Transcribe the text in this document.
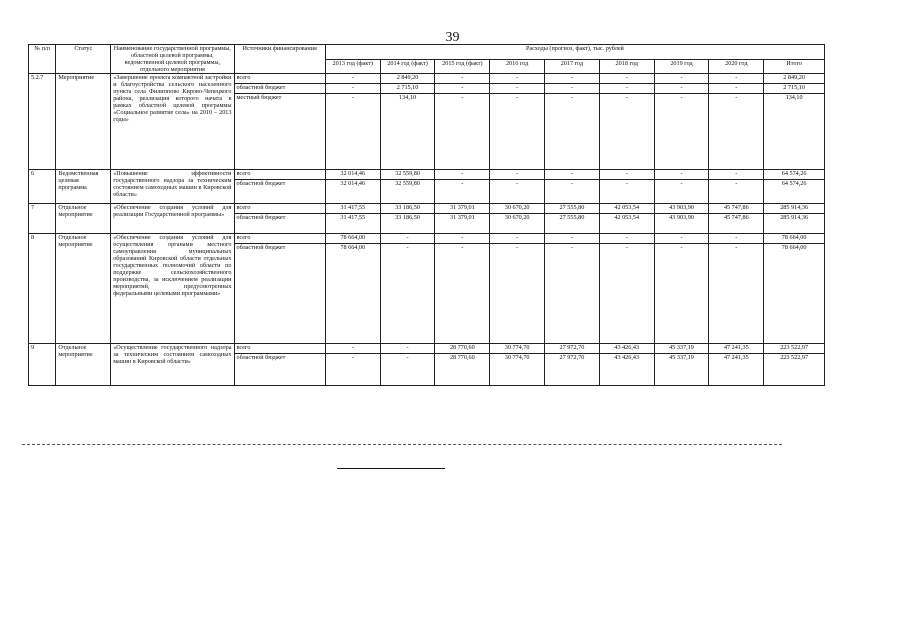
39
№ п/п	Статус	Наименование государственной программы, областной целевой программы, ведомственной целевой программы, отдельного мероприятия	Источники финансирования	Расходы (прогноз, факт), тыс. рублей								
				2013 год (факт)	2014 год (факт)	2015 год (факт)	2016 год	2017 год	2018 год	2019 год	2020 год	Итого
5.2.7	Мероприятие	«Завершение проекта компактной застройки и благоустройства сельского населенного пункта села Филиппово Кирово-Чепецкого района, реализация которого начата в рамках областной целевой программы «Социальное развитие села» на 2010 – 2013 годы»	всего	-	2 849,20	-	-	-	-	-	-	2 849,20
			областной бюджет	-	2 715,10	-	-	-	-	-	-	2 715,10
			местный бюджет	-	134,10	-	-	-	-	-	-	134,10
6	Ведомственная целевая программа	«Повышение эффективности государственного надзора за техническим состоянием самоходных машин в Кировской области»	всего	32 014,46	32 559,80	-	-	-	-	-	-	64 574,26
			областной бюджет	32 014,46	32 559,80	-	-	-	-	-	-	64 574,26
7	Отдельное мероприятие	«Обеспечение создания условий для реализации Государственной программы»	всего	31 417,55	33 186,50	31 379,01	30 670,20	27 555,80	42 053,54	43 903,90	45 747,86	285 914,36
			областной бюджет	31 417,55	33 186,50	31 379,01	30 670,20	27 555,80	42 053,54	43 903,90	45 747,86	285 914,36
8	Отдельное мероприятие	«Обеспечение создания условий для осуществления органами местного самоуправления муниципальных образований Кировской области отдельных государственных полномочий области по поддержке сельскохозяйственного производства, за исключением реализации мероприятий, предусмотренных федеральными целевыми программами»	всего	78 664,00	-	-	-	-	-	-	-	78 664,00
			областной бюджет	78 664,00	-	-	-	-	-	-	-	78 664,00
9	Отдельное мероприятие	«Осуществление государственного надзора за техническим состоянием самоходных машин в Кировской области»	всего	-	-	28 770,60	30 774,70	27 972,70	43 426,43	45 337,19	47 241,35	223 522,97
			областной бюджет	-	-	28 770,60	30 774,70	27 972,70	43 426,43	45 337,19	47 241,35	223 522,97
